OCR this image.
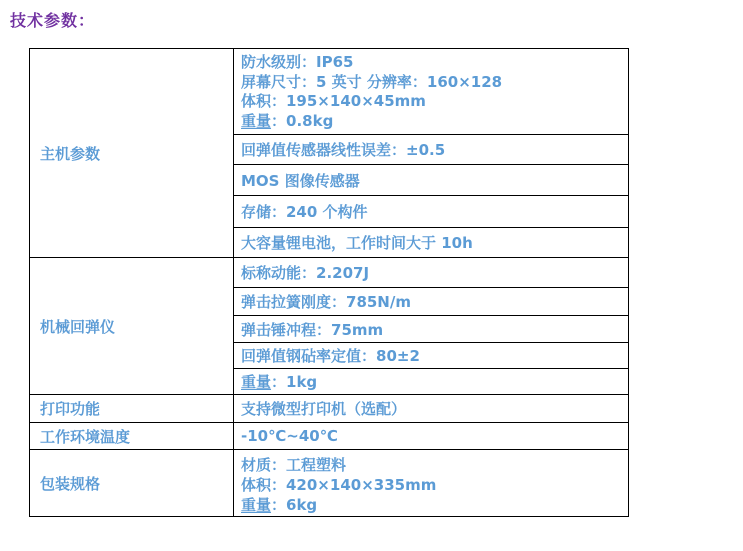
技术参数：
主机参数	防水级别：IP65
屏幕尺寸：5 英寸 分辨率：160×128
体积：195×140×45mm
重量：0.8kg

	回弹值传感器线性误差：±0.5
	MOS 图像传感器
	存储：240 个构件
	大容量锂电池，工作时间大于 10h
机械回弹仪	标称动能：2.207J
	弹击拉簧刚度：785N/m
	弹击锤冲程：75mm
	回弹值钢砧率定值：80±2
	重量：1kg
打印功能	支持微型打印机（选配）
工作环境温度	-10℃~40℃
包装规格	材质：工程塑料
体积：420×140×335mm
重量：6kg
